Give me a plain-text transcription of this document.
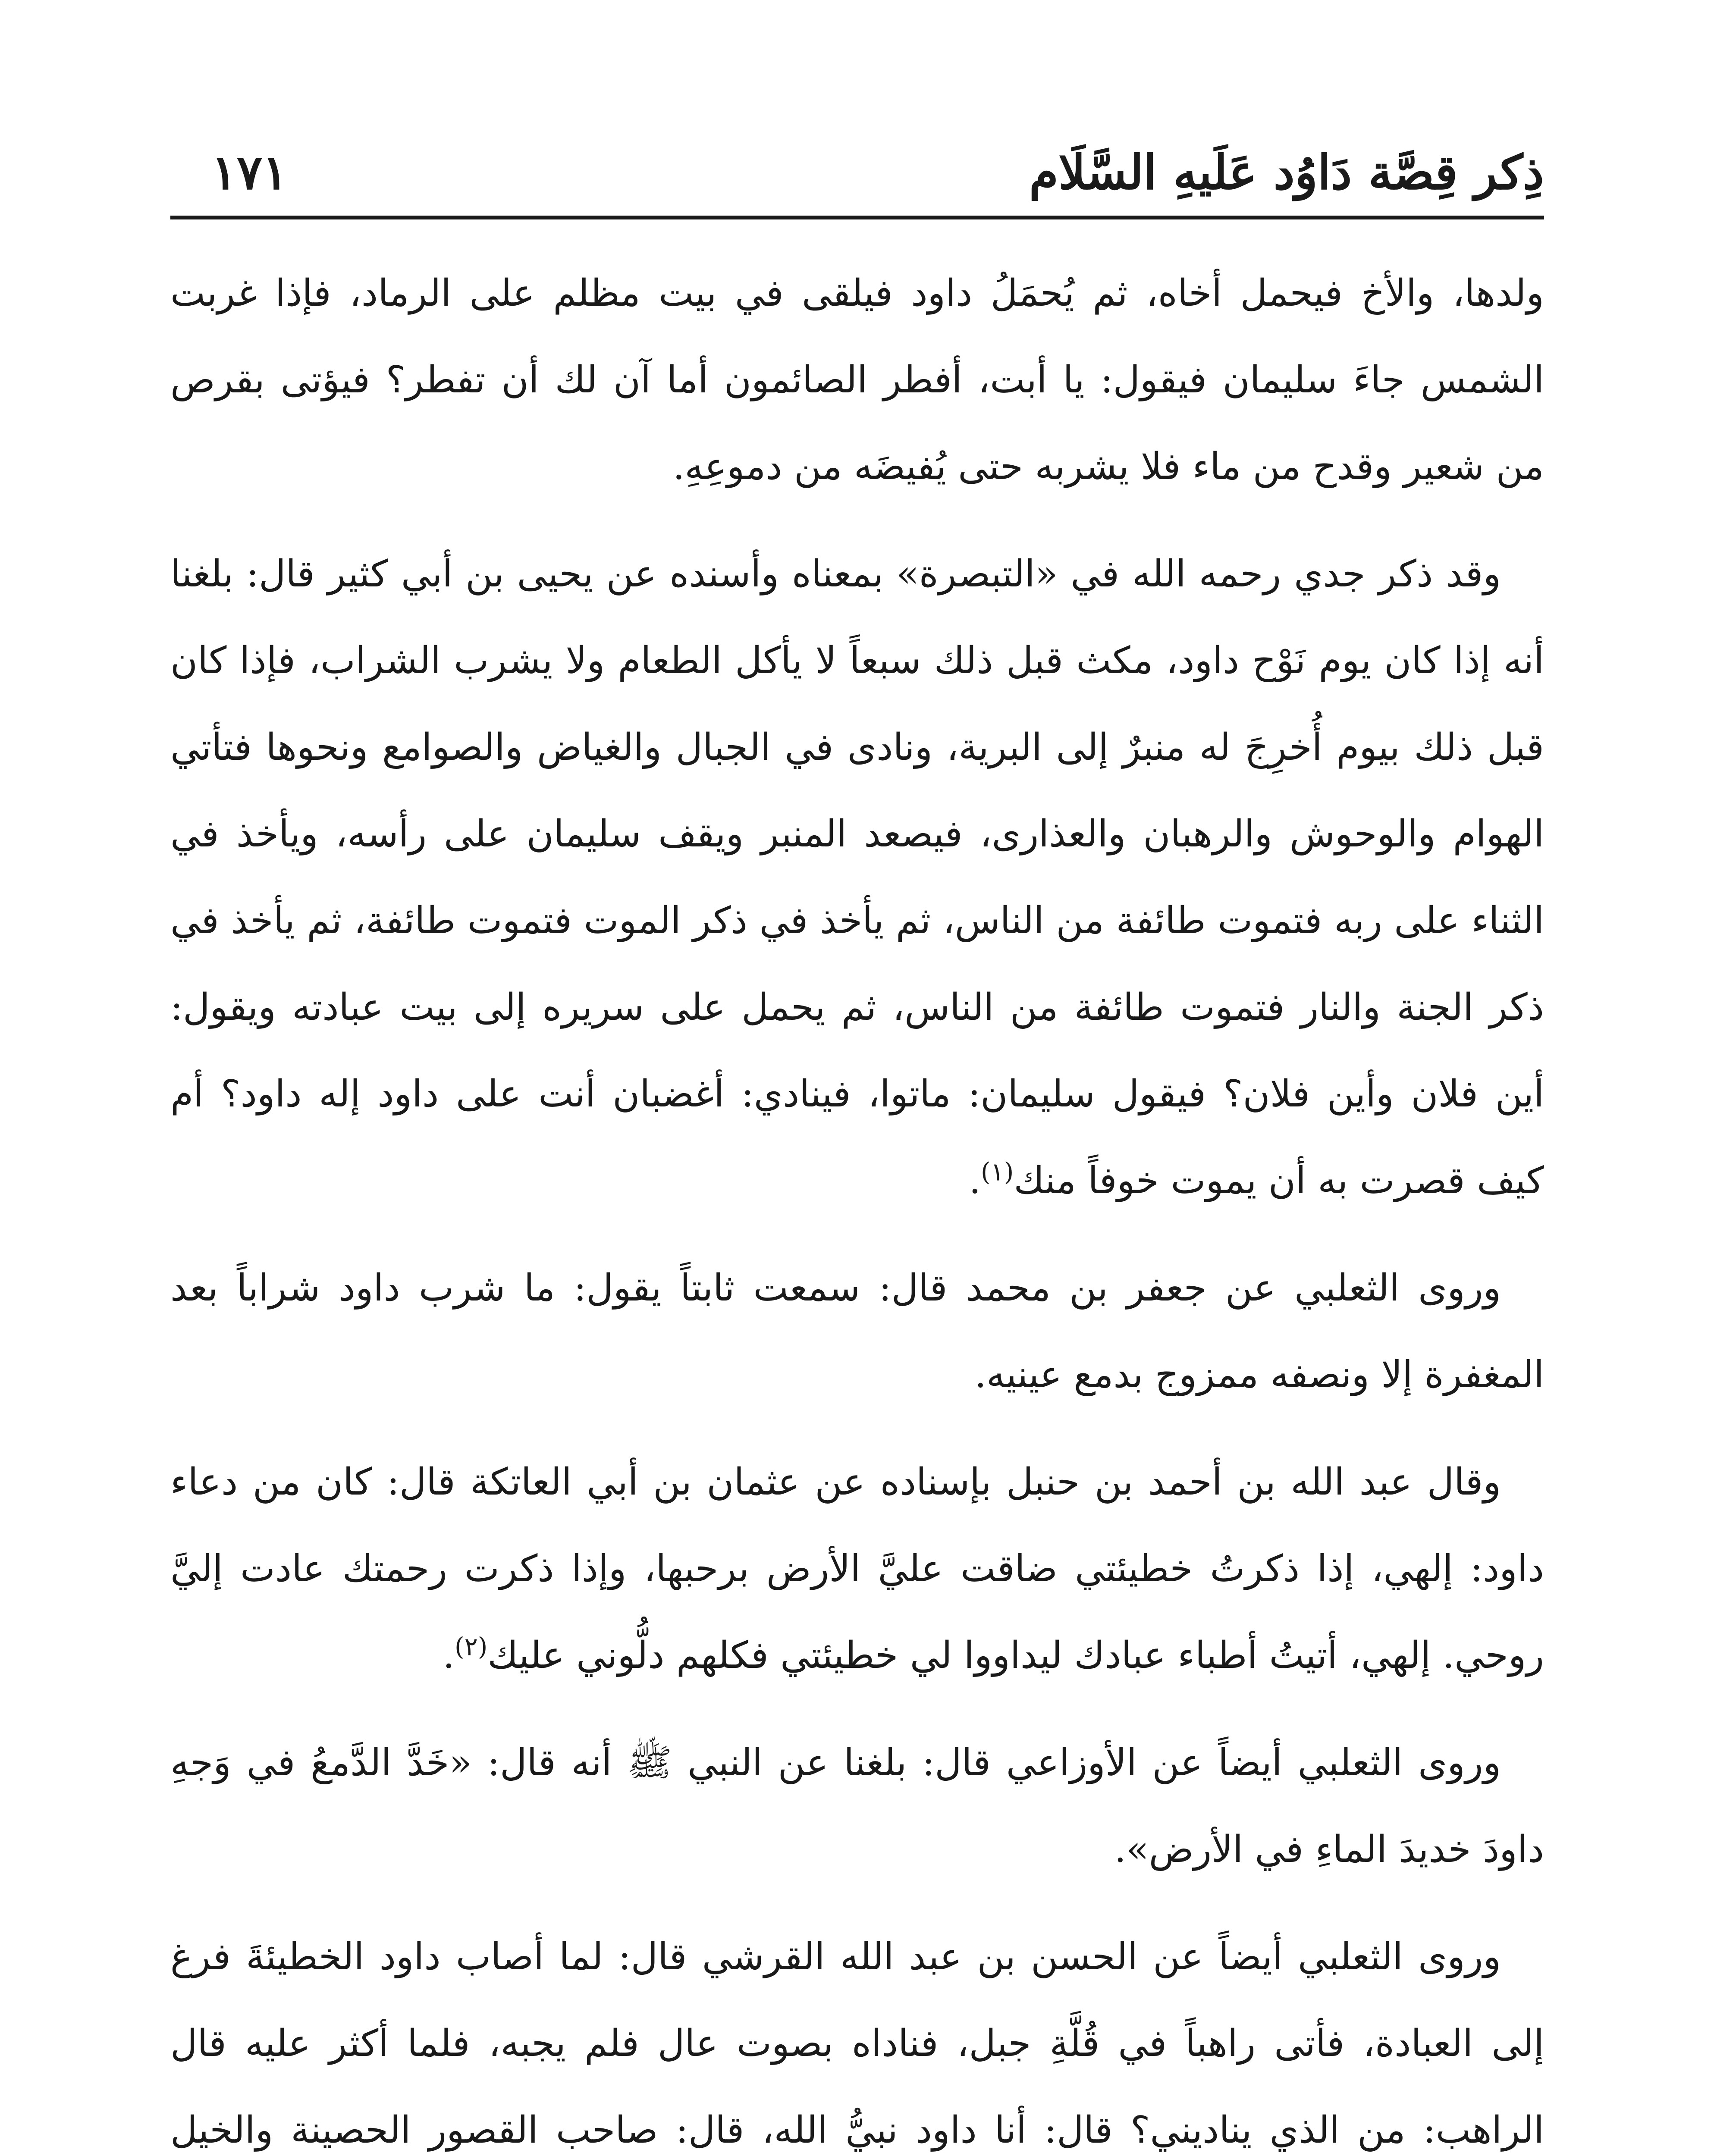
ذِكر قِصَّة دَاوُد عَلَيهِ السَّلَام
١٧١

ولدها، والأخ فيحمل أخاه، ثم يُحمَلُ داود فيلقى في بيت مظلم على الرماد، فإذا غربت الشمس جاءَ سليمان فيقول: يا أبت، أفطر الصائمون أما آن لك أن تفطر؟ فيؤتى بقرص من شعير وقدح من ماء فلا يشربه حتى يُفيضَه من دموعِهِ.

وقد ذكر جدي رحمه الله في «التبصرة» بمعناه وأسنده عن يحيى بن أبي كثير قال: بلغنا أنه إذا كان يوم نَوْح داود، مكث قبل ذلك سبعاً لا يأكل الطعام ولا يشرب الشراب، فإذا كان قبل ذلك بيوم أُخرِجَ له منبرٌ إلى البرية، ونادى في الجبال والغياض والصوامع ونحوها فتأتي الهوام والوحوش والرهبان والعذارى، فيصعد المنبر ويقف سليمان على رأسه، ويأخذ في الثناء على ربه فتموت طائفة من الناس، ثم يأخذ في ذكر الموت فتموت طائفة، ثم يأخذ في ذكر الجنة والنار فتموت طائفة من الناس، ثم يحمل على سريره إلى بيت عبادته ويقول: أين فلان وأين فلان؟ فيقول سليمان: ماتوا، فينادي: أغضبان أنت على داود إله داود؟ أم كيف قصرت به أن يموت خوفاً منك$^{(١)}$.

وروى الثعلبي عن جعفر بن محمد قال: سمعت ثابتاً يقول: ما شرب داود شراباً بعد المغفرة إلا ونصفه ممزوج بدمع عينيه.

وقال عبد الله بن أحمد بن حنبل بإسناده عن عثمان بن أبي العاتكة قال: كان من دعاء داود: إلهي، إذا ذكرتُ خطيئتي ضاقت عليَّ الأرض برحبها، وإذا ذكرت رحمتك عادت إليَّ روحي. إلهي، أتيتُ أطباء عبادك ليداووا لي خطيئتي فكلهم دلُّوني عليك$^{(٢)}$.

وروى الثعلبي أيضاً عن الأوزاعي قال: بلغنا عن النبي ﷺ أنه قال: «خَدَّ الدَّمعُ في وَجهِ داودَ خديدَ الماءِ في الأرض».

وروى الثعلبي أيضاً عن الحسن بن عبد الله القرشي قال: لما أصاب داود الخطيئةَ فرغ إلى العبادة، فأتى راهباً في قُلَّةِ جبل، فناداه بصوت عال فلم يجبه، فلما أكثر عليه قال الراهب: من الذي يناديني؟ قال: أنا داود نبيُّ الله، قال: صاحب القصور الحصينة والخيل
